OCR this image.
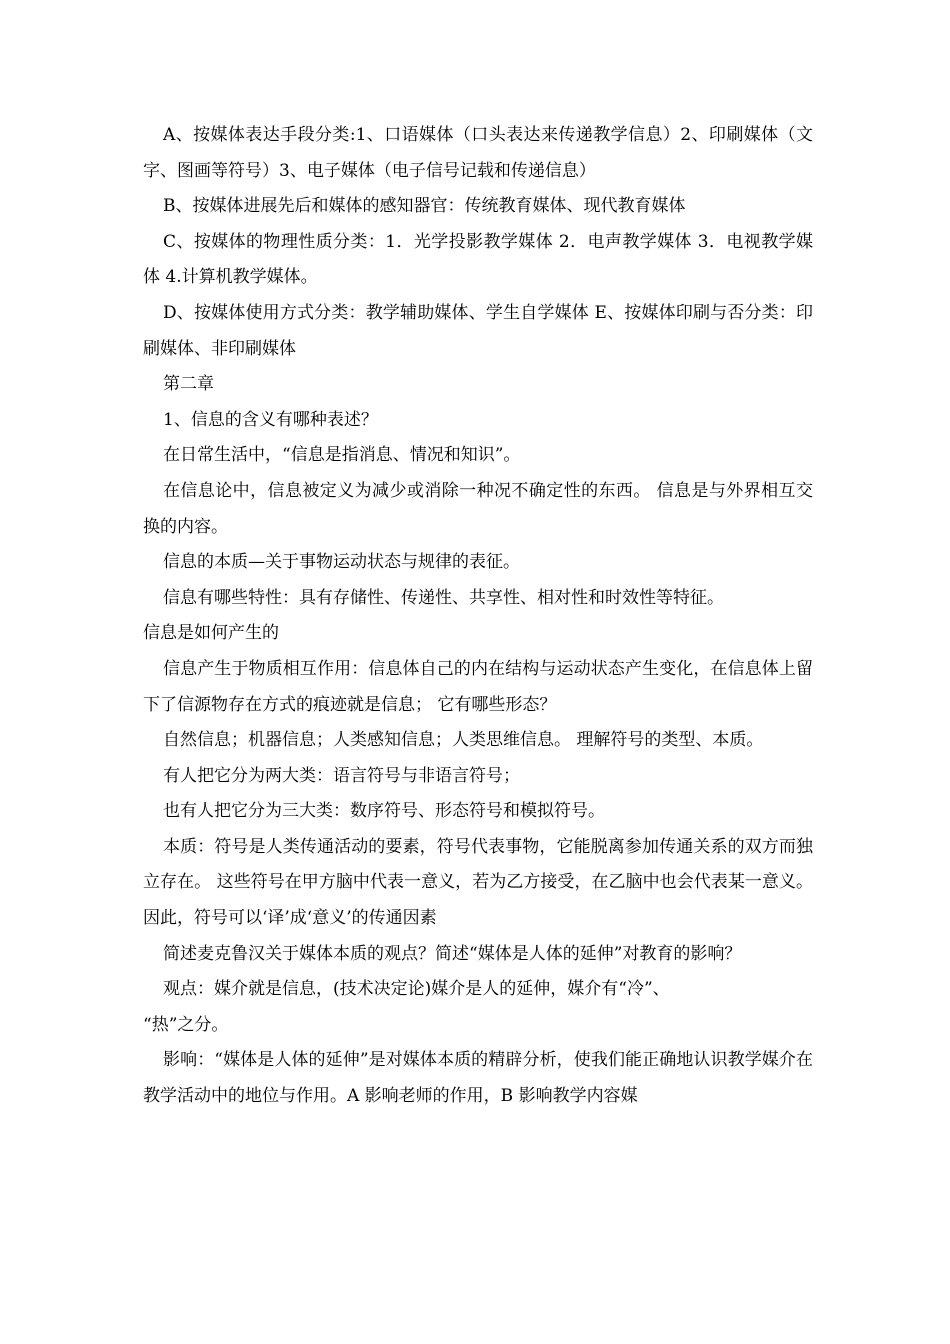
A、按媒体表达手段分类:1、口语媒体（口头表达来传递教学信息）2、印刷媒体（文字、图画等符号）3、电子媒体（电子信号记载和传递信息）

B、按媒体进展先后和媒体的感知器官：传统教育媒体、现代教育媒体

C、按媒体的物理性质分类：1．光学投影教学媒体 2．电声教学媒体 3．电视教学媒体 4.计算机教学媒体。

D、按媒体使用方式分类：教学辅助媒体、学生自学媒体 E、按媒体印刷与否分类：印刷媒体、非印刷媒体

第二章

1、信息的含义有哪种表述？

在日常生活中，“信息是指消息、情况和知识”。

在信息论中，信息被定义为减少或消除一种况不确定性的东西。 信息是与外界相互交换的内容。

信息的本质—关于事物运动状态与规律的表征。

信息有哪些特性：具有存储性、传递性、共享性、相对性和时效性等特征。

信息是如何产生的

信息产生于物质相互作用：信息体自己的内在结构与运动状态产生变化，在信息体上留下了信源物存在方式的痕迹就是信息； 它有哪些形态？

自然信息；机器信息；人类感知信息；人类思维信息。 理解符号的类型、本质。

有人把它分为两大类：语言符号与非语言符号；

也有人把它分为三大类：数序符号、形态符号和模拟符号。

本质：符号是人类传通活动的要素，符号代表事物，它能脱离参加传通关系的双方而独立存在。 这些符号在甲方脑中代表一意义，若为乙方接受，在乙脑中也会代表某一意义。因此，符号可以‘译’成‘意义’的传通因素

简述麦克鲁汉关于媒体本质的观点？简述“媒体是人体的延伸”对教育的影响？

观点：媒介就是信息，(技术决定论)媒介是人的延伸，媒介有“冷”、

“热”之分。

影响：“媒体是人体的延伸”是对媒体本质的精辟分析，使我们能正确地认识教学媒介在教学活动中的地位与作用。A 影响老师的作用，B 影响教学内容媒
